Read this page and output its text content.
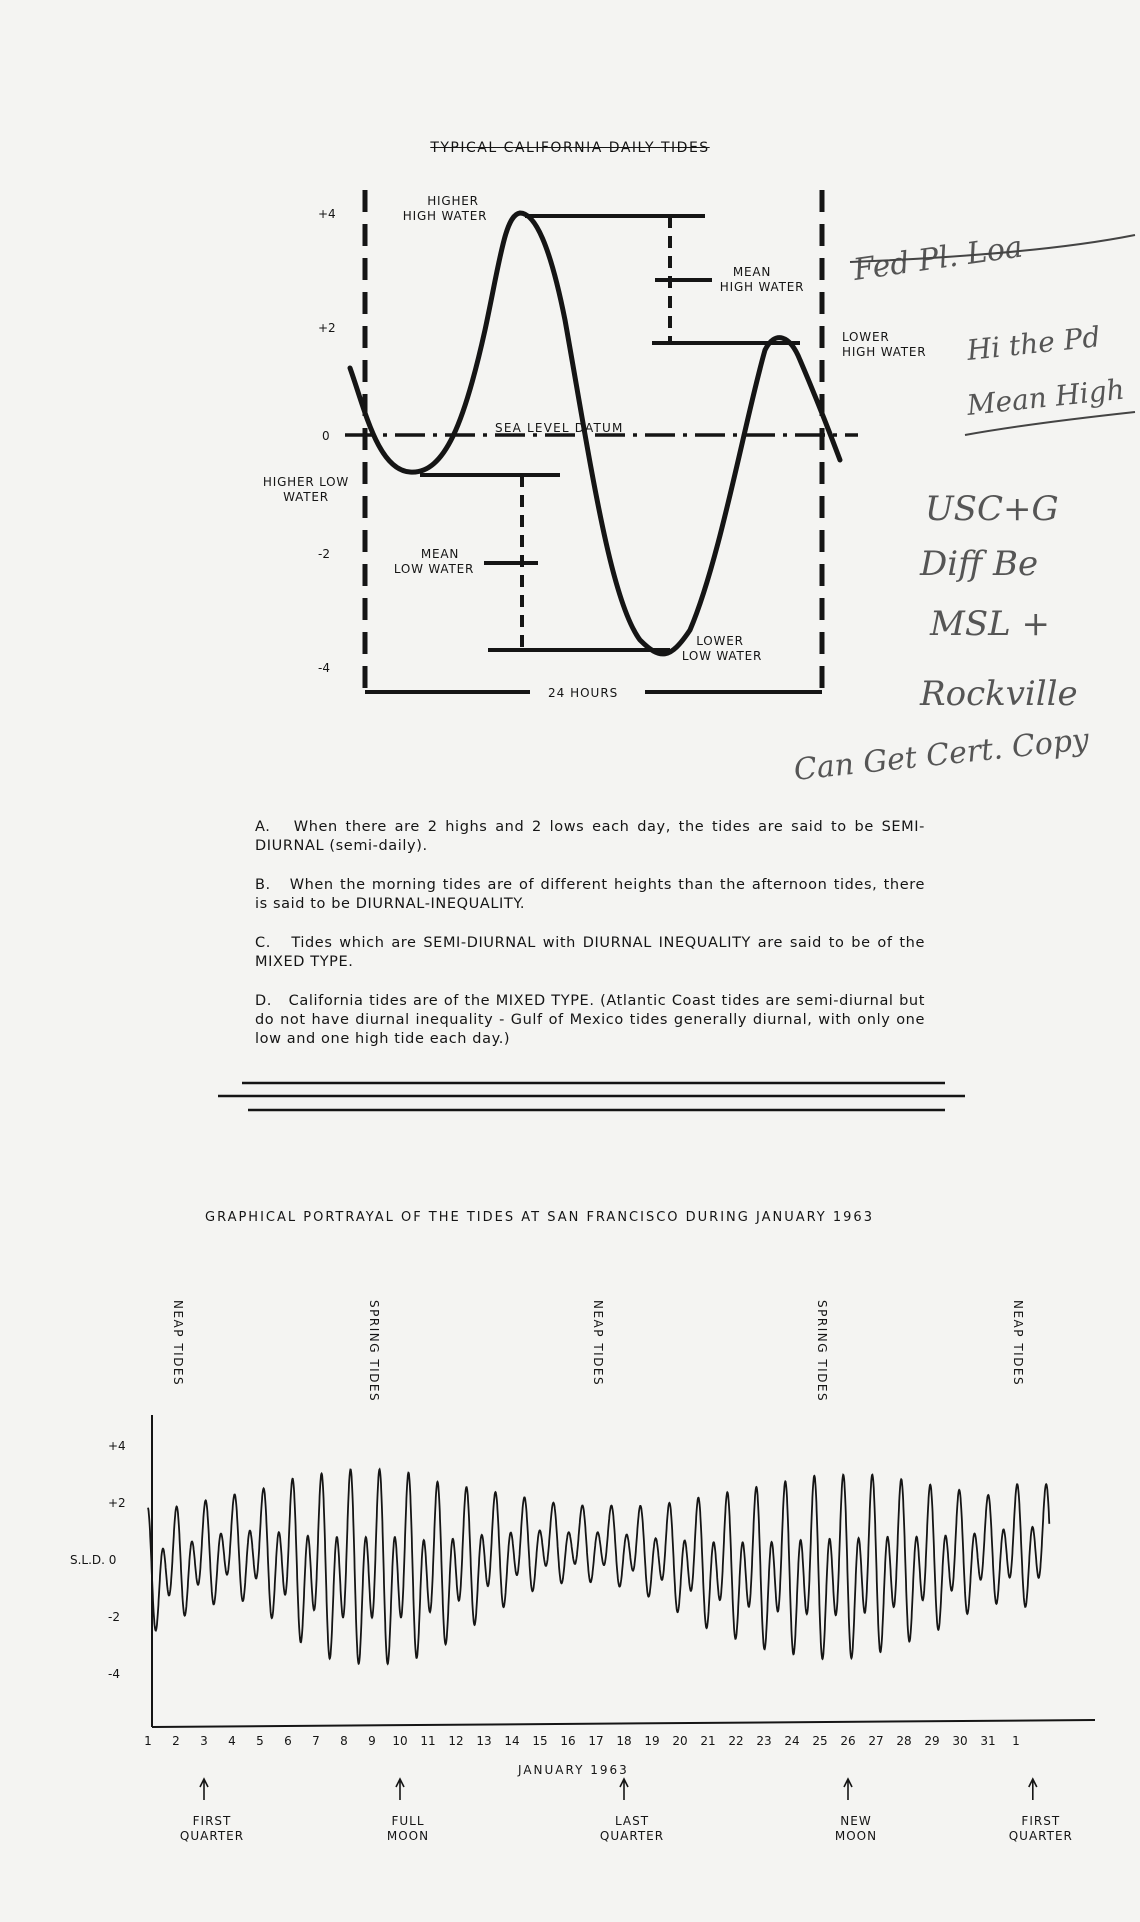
TYPICAL CALIFORNIA DAILY TIDES
+4
+2
0
-2
-4
24 HOURS
HIGHER HIGH WATER
MEAN HIGH WATER
LOWER HIGH WATER
SEA LEVEL DATUM
HIGHER LOW WATER
MEAN LOW WATER
LOWER LOW WATER
Fed Pl. Loa
Hi the Pd
Mean High
USC+G
Diff Be
MSL +
Rockville
Can Get Cert. Copy
A. When there are 2 highs and 2 lows each day, the tides are said to be SEMI-DIURNAL (semi-daily).
B. When the morning tides are of different heights than the afternoon tides, there is said to be DIURNAL-INEQUALITY.
C. Tides which are SEMI-DIURNAL with DIURNAL INEQUALITY are said to be of the MIXED TYPE.
D. California tides are of the MIXED TYPE. (Atlantic Coast tides are semi-diurnal but do not have diurnal inequality - Gulf of Mexico tides generally diurnal, with only one low and one high tide each day.)
GRAPHICAL PORTRAYAL OF THE TIDES AT SAN FRANCISCO DURING JANUARY 1963
NEAP TIDES	SPRING TIDES	NEAP TIDES	SPRING TIDES	NEAP TIDES
+4
+2
S.L.D. 0
-2
-4
1 2 3 4 5 6 7 8 9 10 11 12 13 14 15 16 17 18 19 20 21 22 23 24 25 26 27 28 29 30 31 1
JANUARY 1963
FIRST QUARTER
FULL MOON
LAST QUARTER
NEW MOON
FIRST QUARTER
